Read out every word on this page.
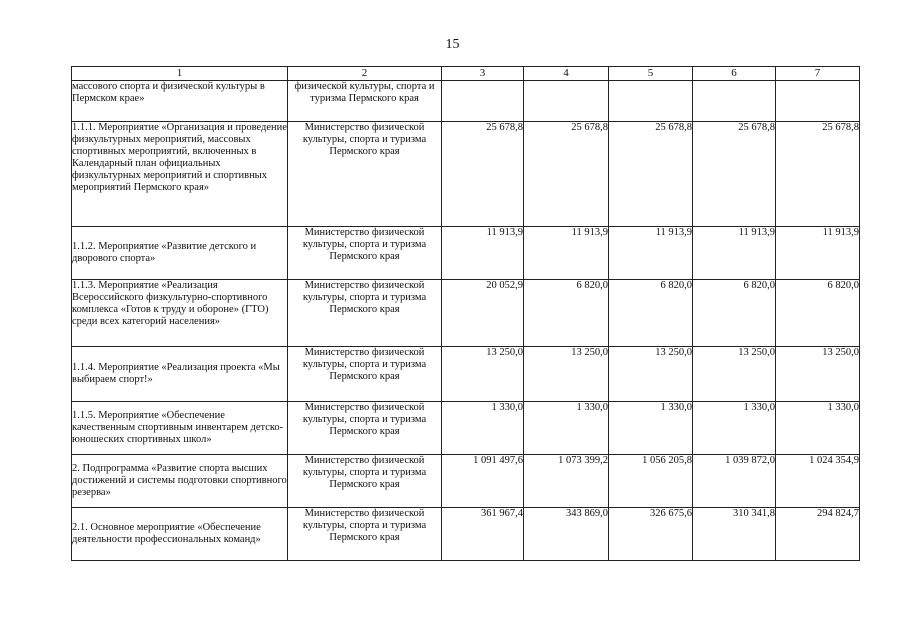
15
1	2	3	4	5	6	7
массового спорта и физической культуры в Пермском крае»	физической культуры, спорта и туризма Пермского края					
1.1.1. Мероприятие «Организация и проведение физкультурных мероприятий, массовых спортивных мероприятий, включенных в Календарный план официальных физкультурных мероприятий и спортивных мероприятий Пермского края»	Министерство физической культуры, спорта и туризма Пермского края	25 678,8	25 678,8	25 678,8	25 678,8	25 678,8
1.1.2. Мероприятие «Развитие детского и дворового спорта»	Министерство физической культуры, спорта и туризма Пермского края	11 913,9	11 913,9	11 913,9	11 913,9	11 913,9
1.1.3. Мероприятие «Реализация Всероссийского физкультурно-спортивного комплекса «Готов к труду и обороне» (ГТО) среди всех категорий населения»	Министерство физической культуры, спорта и туризма Пермского края	20 052,9	6 820,0	6 820,0	6 820,0	6 820,0
1.1.4. Мероприятие «Реализация проекта «Мы выбираем спорт!»	Министерство физической культуры, спорта и туризма Пермского края	13 250,0	13 250,0	13 250,0	13 250,0	13 250,0
1.1.5. Мероприятие «Обеспечение качественным спортивным инвентарем детско-юношеских спортивных школ»	Министерство физической культуры, спорта и туризма Пермского края	1 330,0	1 330,0	1 330,0	1 330,0	1 330,0
2. Подпрограмма «Развитие спорта высших достижений и системы подготовки спортивного резерва»	Министерство физической культуры, спорта и туризма Пермского края	1 091 497,6	1 073 399,2	1 056 205,8	1 039 872,0	1 024 354,9
2.1. Основное мероприятие «Обеспечение деятельности профессиональных команд»	Министерство физической культуры, спорта и туризма Пермского края	361 967,4	343 869,0	326 675,6	310 341,8	294 824,7
